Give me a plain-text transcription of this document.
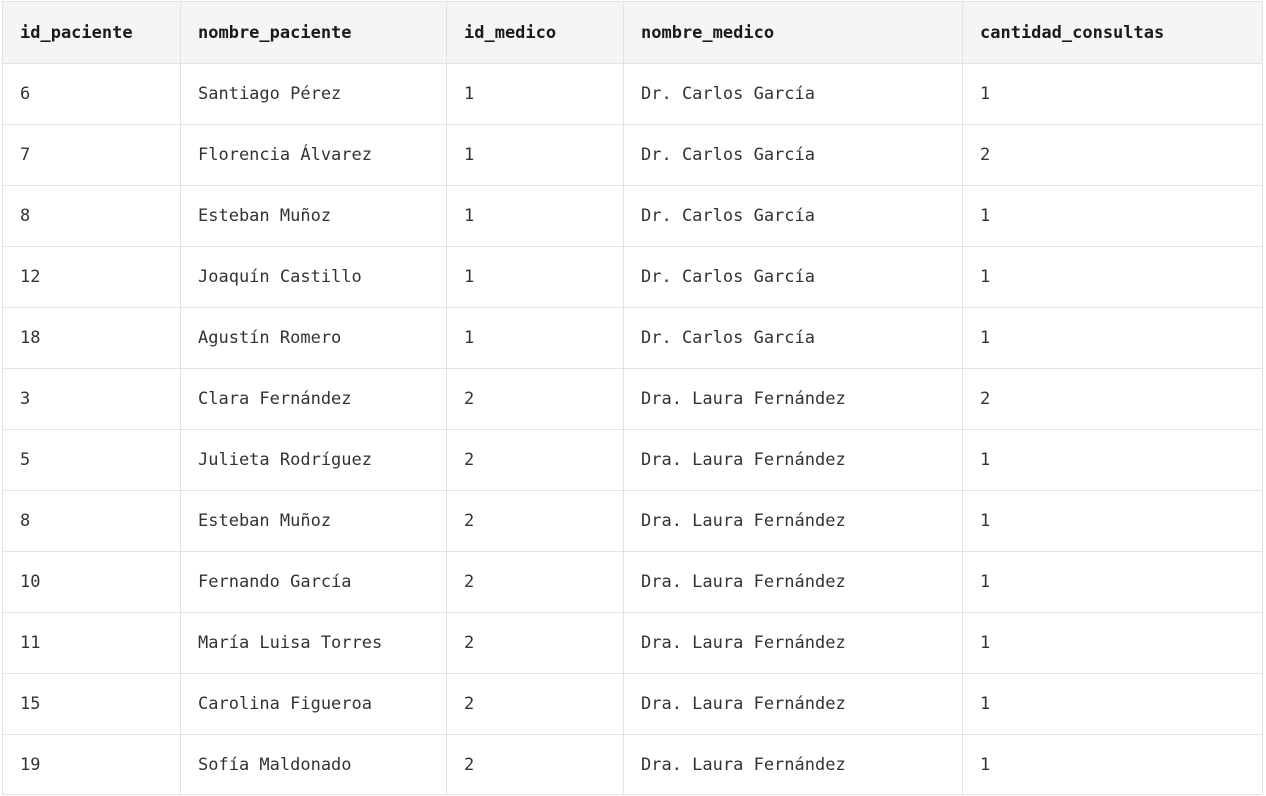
id_paciente	nombre_paciente	id_medico	nombre_medico	cantidad_consultas
6	Santiago Pérez	1	Dr. Carlos García	1
7	Florencia Álvarez	1	Dr. Carlos García	2
8	Esteban Muñoz	1	Dr. Carlos García	1
12	Joaquín Castillo	1	Dr. Carlos García	1
18	Agustín Romero	1	Dr. Carlos García	1
3	Clara Fernández	2	Dra. Laura Fernández	2
5	Julieta Rodríguez	2	Dra. Laura Fernández	1
8	Esteban Muñoz	2	Dra. Laura Fernández	1
10	Fernando García	2	Dra. Laura Fernández	1
11	María Luisa Torres	2	Dra. Laura Fernández	1
15	Carolina Figueroa	2	Dra. Laura Fernández	1
19	Sofía Maldonado	2	Dra. Laura Fernández	1
